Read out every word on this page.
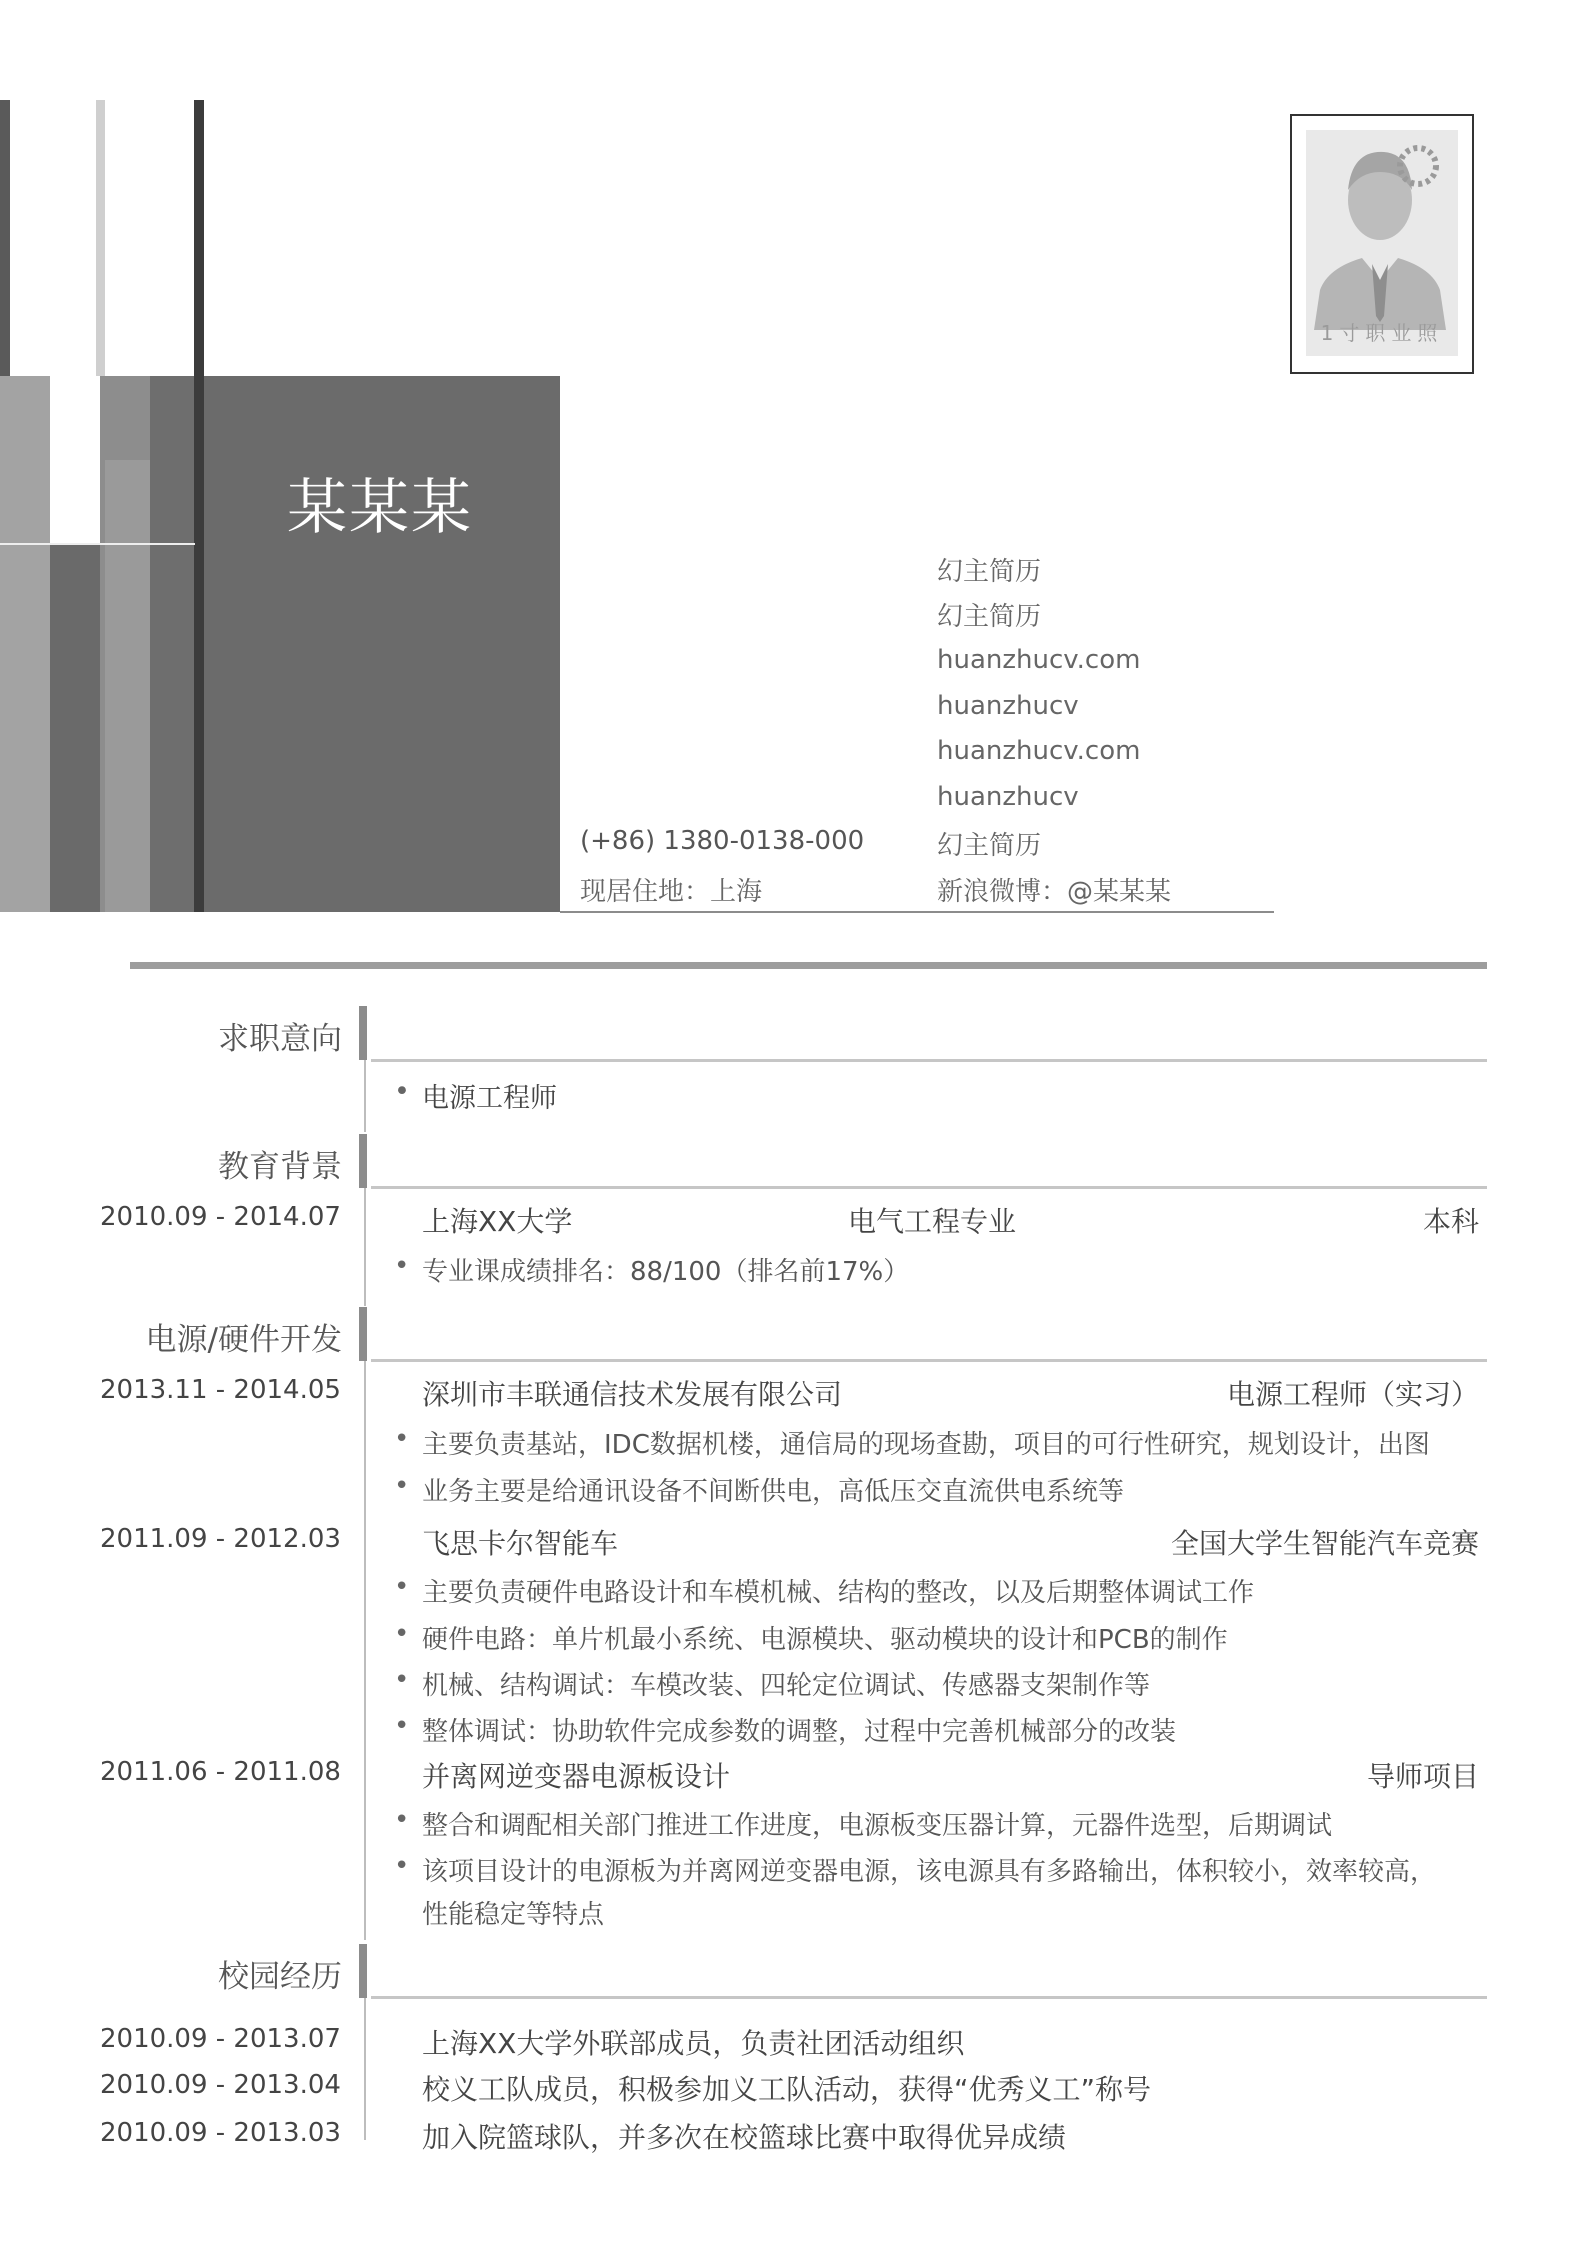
某某某
1寸职业照
幻主简历
幻主简历
huanzhucv.com
huanzhucv
huanzhucv.com
huanzhucv
幻主简历
新浪微博：@某某某
(+86) 1380-0138-000
现居住地：上海
求职意向
电源工程师
教育背景
2010.09 - 2014.07	上海XX大学	电气工程专业	本科
专业课成绩排名：88/100（排名前17%）
电源/硬件开发
2013.11 - 2014.05	深圳市丰联通信技术发展有限公司	电源工程师（实习）
主要负责基站，IDC数据机楼，通信局的现场查勘，项目的可行性研究，规划设计，出图
业务主要是给通讯设备不间断供电，高低压交直流供电系统等
2011.09 - 2012.03	飞思卡尔智能车	全国大学生智能汽车竞赛
主要负责硬件电路设计和车模机械、结构的整改，以及后期整体调试工作
硬件电路：单片机最小系统、电源模块、驱动模块的设计和PCB的制作
机械、结构调试：车模改装、四轮定位调试、传感器支架制作等
整体调试：协助软件完成参数的调整，过程中完善机械部分的改装
2011.06 - 2011.08	并离网逆变器电源板设计	导师项目
整合和调配相关部门推进工作进度，电源板变压器计算，元器件选型，后期调试
该项目设计的电源板为并离网逆变器电源，该电源具有多路输出，体积较小，效率较高，
性能稳定等特点
校园经历
2010.09 - 2013.07	上海XX大学外联部成员，负责社团活动组织
2010.09 - 2013.04	校义工队成员，积极参加义工队活动，获得“优秀义工”称号
2010.09 - 2013.03	加入院篮球队，并多次在校篮球比赛中取得优异成绩
